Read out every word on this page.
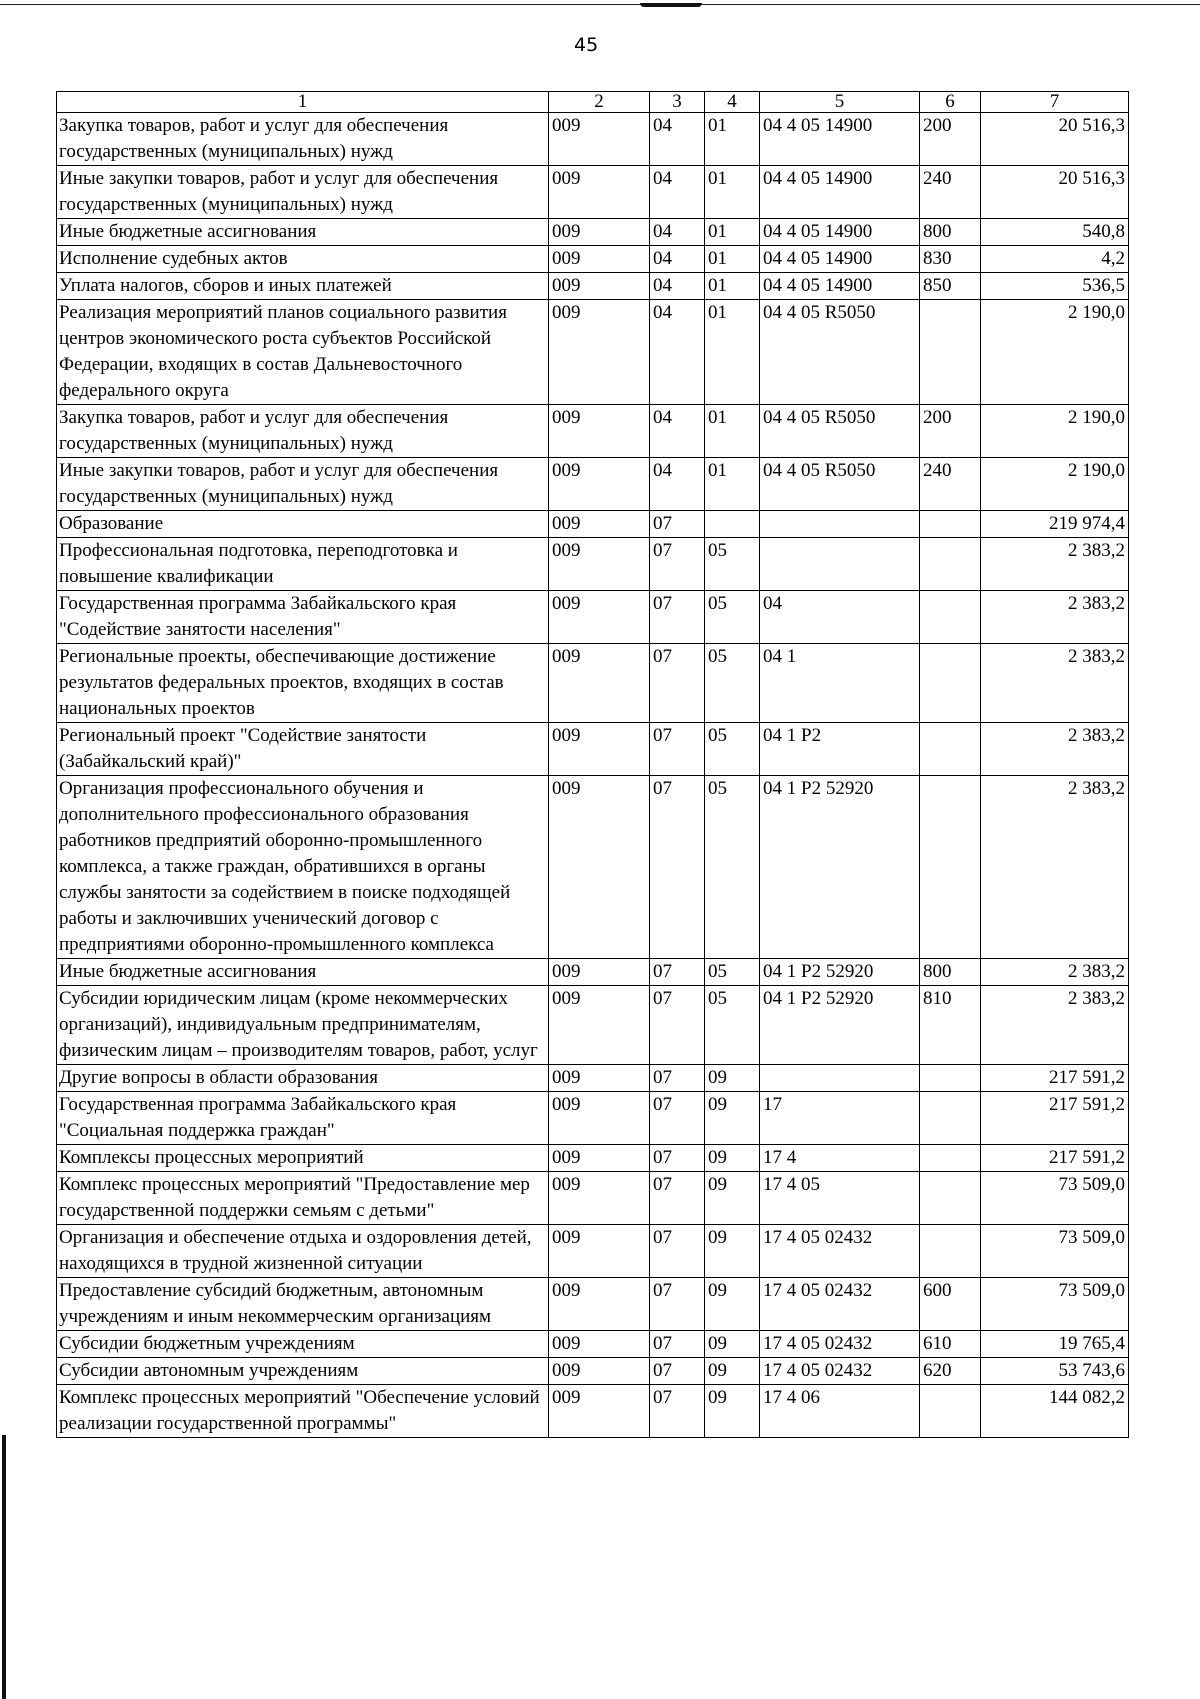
45
1	2	3	4	5	6	7
Закупка товаров, работ и услуг для обеспечения государственных (муниципальных) нужд	009	04	01	04 4 05 14900	200	20 516,3
Иные закупки товаров, работ и услуг для обеспечения государственных (муниципальных) нужд	009	04	01	04 4 05 14900	240	20 516,3
Иные бюджетные ассигнования	009	04	01	04 4 05 14900	800	540,8
Исполнение судебных актов	009	04	01	04 4 05 14900	830	4,2
Уплата налогов, сборов и иных платежей	009	04	01	04 4 05 14900	850	536,5
Реализация мероприятий планов социального развития центров экономического роста субъектов Российской Федерации, входящих в состав Дальневосточного федерального округа	009	04	01	04 4 05 R5050		2 190,0
Закупка товаров, работ и услуг для обеспечения государственных (муниципальных) нужд	009	04	01	04 4 05 R5050	200	2 190,0
Иные закупки товаров, работ и услуг для обеспечения государственных (муниципальных) нужд	009	04	01	04 4 05 R5050	240	2 190,0
Образование	009	07				219 974,4
Профессиональная подготовка, переподготовка и повышение квалификации	009	07	05			2 383,2
Государственная программа Забайкальского края "Содействие занятости населения"	009	07	05	04		2 383,2
Региональные проекты, обеспечивающие достижение результатов федеральных проектов, входящих в состав национальных проектов	009	07	05	04 1		2 383,2
Региональный проект "Содействие занятости (Забайкальский край)"	009	07	05	04 1 P2		2 383,2
Организация профессионального обучения и дополнительного профессионального образования работников предприятий оборонно-промышленного комплекса, а также граждан, обратившихся в органы службы занятости за содействием в поиске подходящей работы и заключивших ученический договор с предприятиями оборонно-промышленного комплекса	009	07	05	04 1 P2 52920		2 383,2
Иные бюджетные ассигнования	009	07	05	04 1 P2 52920	800	2 383,2
Субсидии юридическим лицам (кроме некоммерческих организаций), индивидуальным предпринимателям, физическим лицам – производителям товаров, работ, услуг	009	07	05	04 1 P2 52920	810	2 383,2
Другие вопросы в области образования	009	07	09			217 591,2
Государственная программа Забайкальского края "Социальная поддержка граждан"	009	07	09	17		217 591,2
Комплексы процессных мероприятий	009	07	09	17 4		217 591,2
Комплекс процессных мероприятий "Предоставление мер государственной поддержки семьям с детьми"	009	07	09	17 4 05		73 509,0
Организация и обеспечение отдыха и оздоровления детей, находящихся в трудной жизненной ситуации	009	07	09	17 4 05 02432		73 509,0
Предоставление субсидий бюджетным, автономным учреждениям и иным некоммерческим организациям	009	07	09	17 4 05 02432	600	73 509,0
Субсидии бюджетным учреждениям	009	07	09	17 4 05 02432	610	19 765,4
Субсидии автономным учреждениям	009	07	09	17 4 05 02432	620	53 743,6
Комплекс процессных мероприятий "Обеспечение условий реализации государственной программы"	009	07	09	17 4 06		144 082,2
